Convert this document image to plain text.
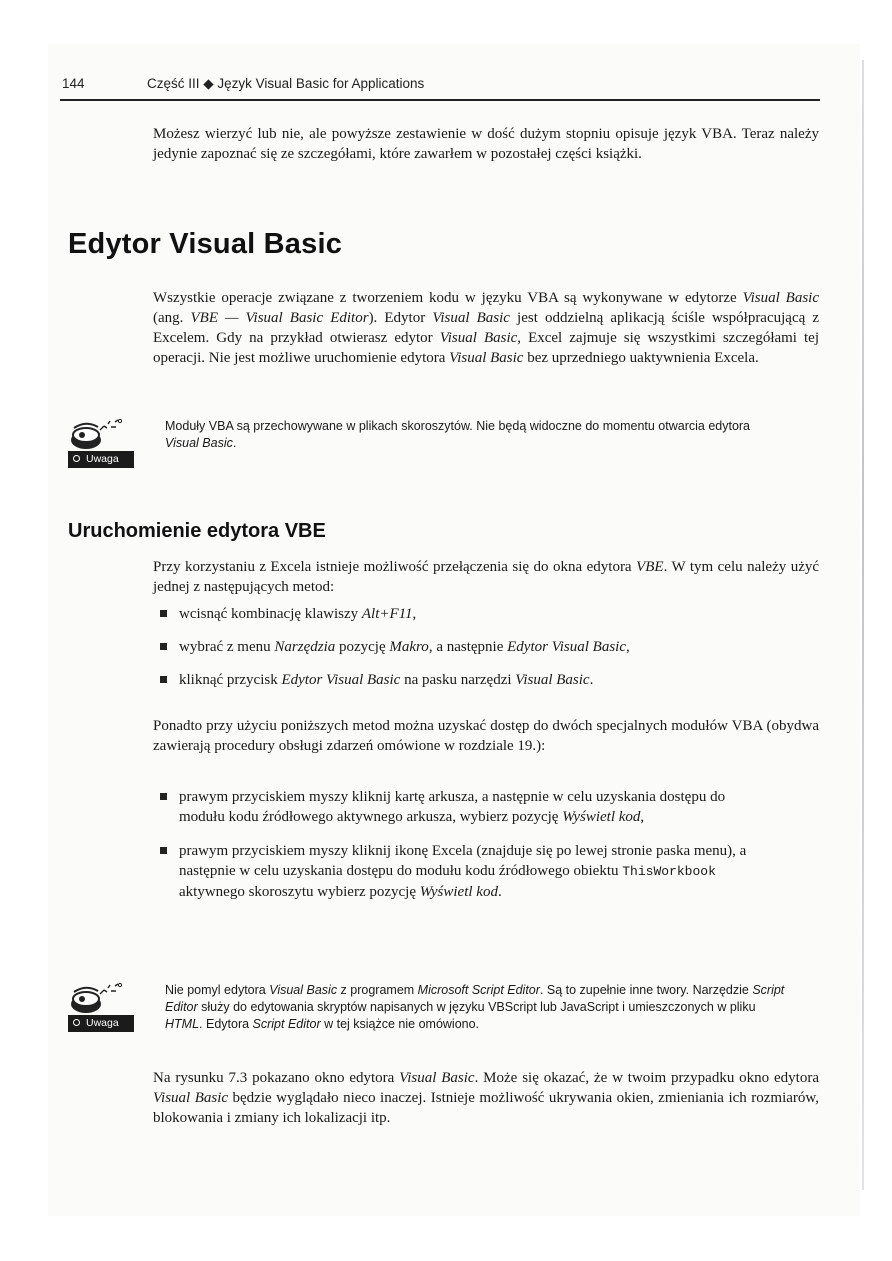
144	Część III ◆ Język Visual Basic for Applications

Możesz wierzyć lub nie, ale powyższe zestawienie w dość dużym stopniu opisuje język VBA. Teraz należy jedynie zapoznać się ze szczegółami, które zawarłem w pozostałej części książki.

Edytor Visual Basic

Wszystkie operacje związane z tworzeniem kodu w języku VBA są wykonywane w edytorze Visual Basic (ang. VBE — Visual Basic Editor). Edytor Visual Basic jest oddzielną aplikacją ściśle współpracującą z Excelem. Gdy na przykład otwierasz edytor Visual Basic, Excel zajmuje się wszystkimi szczegółami tej operacji. Nie jest możliwe uruchomienie edytora Visual Basic bez uprzedniego uaktywnienia Excela.

Uwaga

Moduły VBA są przechowywane w plikach skoroszytów. Nie będą widoczne do momentu otwarcia edytora Visual Basic.

Uruchomienie edytora VBE

Przy korzystaniu z Excela istnieje możliwość przełączenia się do okna edytora VBE. W tym celu należy użyć jednej z następujących metod:

wcisnąć kombinację klawiszy Alt+F11,
wybrać z menu Narzędzia pozycję Makro, a następnie Edytor Visual Basic,
kliknąć przycisk Edytor Visual Basic na pasku narzędzi Visual Basic.

Ponadto przy użyciu poniższych metod można uzyskać dostęp do dwóch specjalnych modułów VBA (obydwa zawierają procedury obsługi zdarzeń omówione w rozdziale 19.):

prawym przyciskiem myszy kliknij kartę arkusza, a następnie w celu uzyskania dostępu do modułu kodu źródłowego aktywnego arkusza, wybierz pozycję Wyświetl kod,
prawym przyciskiem myszy kliknij ikonę Excela (znajduje się po lewej stronie paska menu), a następnie w celu uzyskania dostępu do modułu kodu źródłowego obiektu ThisWorkbook aktywnego skoroszytu wybierz pozycję Wyświetl kod.
Uwaga

Nie pomyl edytora Visual Basic z programem Microsoft Script Editor. Są to zupełnie inne twory. Narzędzie Script Editor służy do edytowania skryptów napisanych w języku VBScript lub JavaScript i umieszczonych w pliku HTML. Edytora Script Editor w tej książce nie omówiono.

Na rysunku 7.3 pokazano okno edytora Visual Basic. Może się okazać, że w twoim przypadku okno edytora Visual Basic będzie wyglądało nieco inaczej. Istnieje możliwość ukrywania okien, zmieniania ich rozmiarów, blokowania i zmiany ich lokalizacji itp.
